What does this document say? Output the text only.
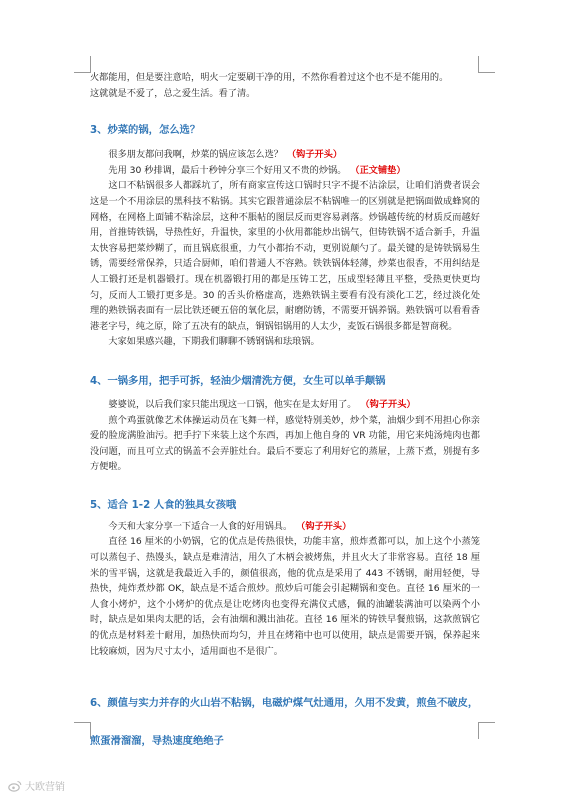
火都能用，但是要注意哈，明火一定要刷干净的用，不然你看着过这个也不是不能用的。

这就就是不爱了，总之爱生活。看了清。

3、炒菜的锅，怎么选？

很多朋友都问我啊，炒菜的锅应该怎么选？ （钩子开头）

先用 30 秒排调，最后十秒钟分享三个好用又不贵的炒锅。 （正文铺垫）

这口不粘锅很多人都踩坑了，所有商家宣传这口锅时只字不提不沾涂层，让咱们消费者误会这是一个不用涂层的黑科技不粘锅。其实它跟普通涂层不粘锅唯一的区别就是把锅面做成蜂窝的网格，在网格上面铺不粘涂层，这种不脹帖的图层反而更容易剥落。炒锅越传统的材质反而越好用，首推铸铁锅，导热性好，升温快，家里的小伙用都能炒出锅气，但铸铁锅不适合新手，升温太快容易把菜炒糊了，而且锅底很重，力气小都抬不动，更别说颠勺了。最关键的是铸铁锅易生锈，需要经常保养，只适合厨师，咱们普通人不容熟。铁铁锅体轻薄，炒菜也很香，不用纠结是人工锻打还是机器锻打。现在机器锻打用的都是压铸工艺，压成型轻薄且平整，受热更快更均匀，反而人工锻打更多是。30 的舌头价格虚高，选熟铁锅主要看有没有淡化工艺，经过淡化处理的熟铁锅表面有一层比铁还硬五倍的氧化层，耐磨防锈，不需要开锅养锅。熟铁锅可以看看香港老字号，纯之原，除了五决有的缺点，铜锅铝锅用的人太少，麦饭石锅很多都是智商税。

大家如果感兴趣，下期我们聊聊不锈钢锅和珐琅锅。

4、一锅多用，把手可拆，轻油少烟清洗方便，女生可以单手颠锅

婆婆说，以后我们家只能出现这一口锅，他实在是太好用了。 （钩子开头）

煎个鸡蛋就像艺术体操运动员在飞舞一样，感觉特别美妙，炒个菜，油烟少到不用担心你亲爱的脸庞满脸油污。把手拧下来装上这个东西，再加上他自身的 VR 功能，用它来炖汤炖肉也都没问题，而且可立式的锅盖不会弄脏灶台。最后不要忘了利用好它的蒸屉，上蒸下煮，别提有多方便啦。

5、适合 1-2 人食的独具女孩哦

今天和大家分享一下适合一人食的好用锅具。 （钩子开头）

直径 16 厘米的小奶锅，它的优点是传热很快，功能丰富，煎炸煮都可以，加上这个小蒸笼可以蒸包子、热馒头，缺点是难清洁，用久了木柄会被烤焦，并且火大了非常容易。直径 18 厘米的雪平锅，这就是我最近入手的，颜值很高，他的优点是采用了 443 不锈钢，耐用轻便，导热快，炖炸煮炒都 OK，缺点是不适合煎炒。煎炒后可能会引起糊锅和变色。直径 16 厘米的一人食小烤炉，这个小烤炉的优点是让吃烤肉也变得充满仪式感，佩的油罐装满油可以染两个小时，缺点是如果肉太肥的话，会有油烟和溅出油花。直径 16 厘米的铸铁早餐煎锅，这款煎锅它的优点是材料差十耐用，加热快而均匀，并且在烤箱中也可以使用，缺点是需要开锅，保养起来比较麻烦，因为尺寸太小，适用面也不是很广。

6、颜值与实力并存的火山岩不粘锅，电磁炉煤气灶通用，久用不发黄，煎鱼不破皮，煎蛋滑溜溜，导热速度绝绝子
大欧营销
